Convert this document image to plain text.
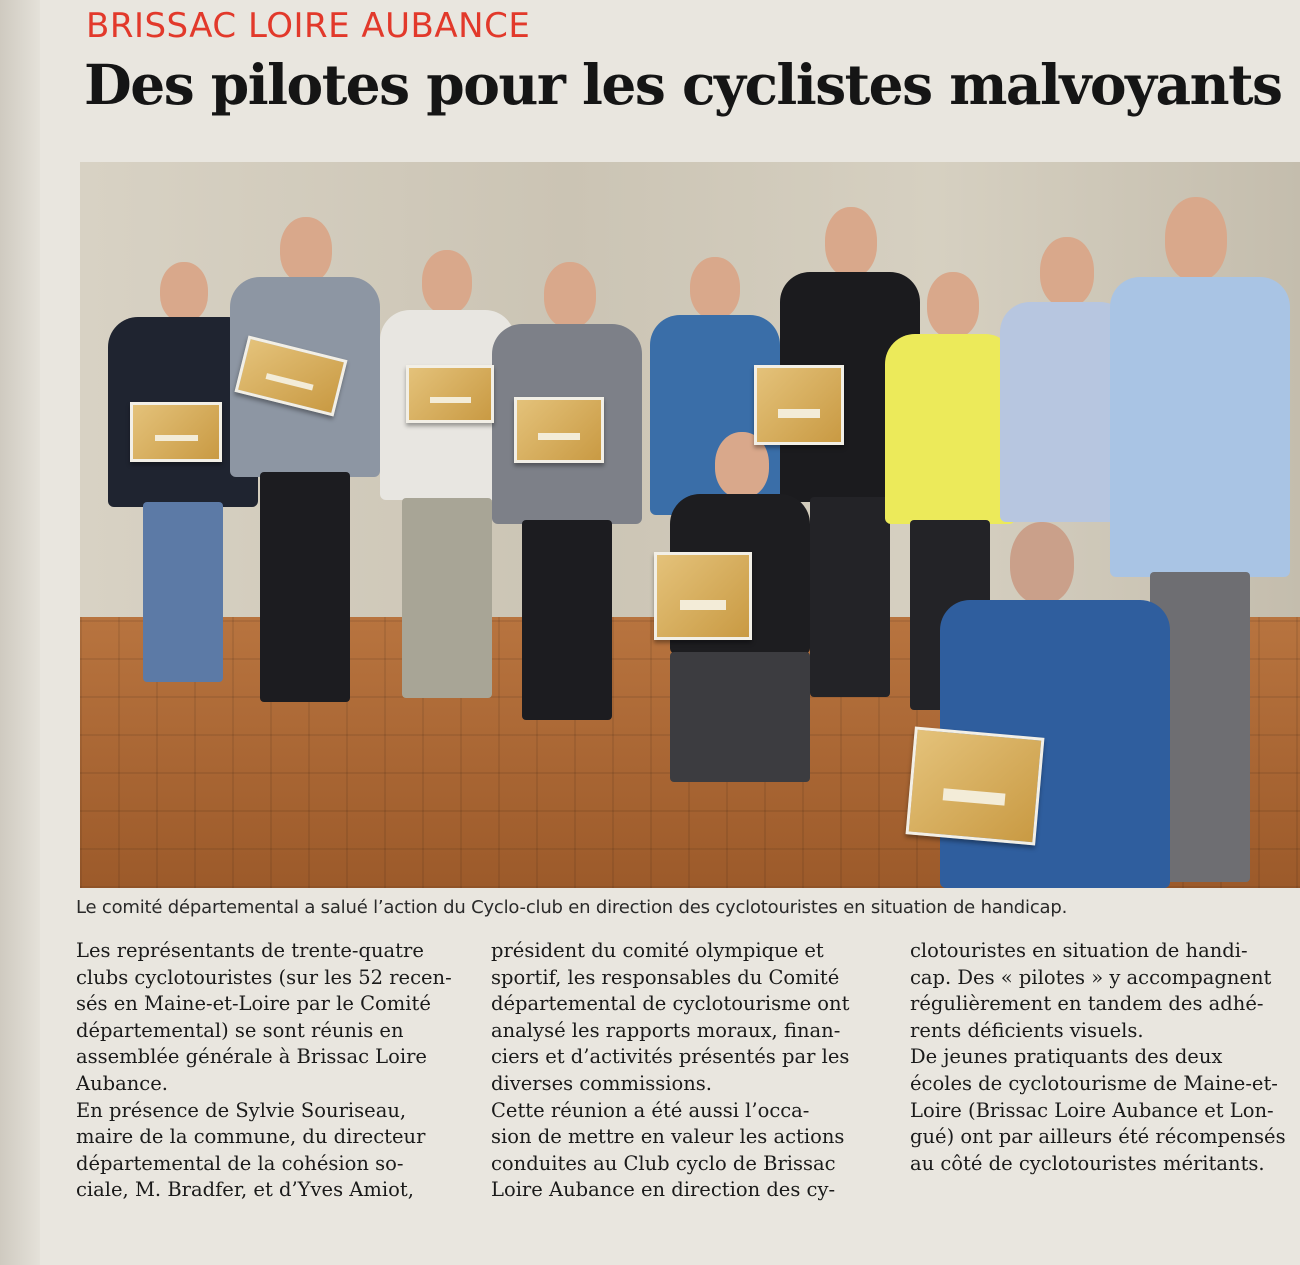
BRISSAC LOIRE AUBANCE
Des pilotes pour les cyclistes malvoyants
Le comité départemental a salué l’action du Cyclo-club en direction des cyclotouristes en situation de handicap.
Les représentants de trente-quatre
clubs cyclotouristes (sur les 52 recen-
sés en Maine-et-Loire par le Comité
départemental) se sont réunis en
assemblée générale à Brissac Loire
Aubance.
En présence de Sylvie Souriseau,
maire de la commune, du directeur
départemental de la cohésion so-
ciale, M. Bradfer, et d’Yves Amiot,
président du comité olympique et
sportif, les responsables du Comité
départemental de cyclotourisme ont
analysé les rapports moraux, finan-
ciers et d’activités présentés par les
diverses commissions.
Cette réunion a été aussi l’occa-
sion de mettre en valeur les actions
conduites au Club cyclo de Brissac
Loire Aubance en direction des cy-
clotouristes en situation de handi-
cap. Des « pilotes » y accompagnent
régulièrement en tandem des adhé-
rents déficients visuels.
De jeunes pratiquants des deux
écoles de cyclotourisme de Maine-et-
Loire (Brissac Loire Aubance et Lon-
gué) ont par ailleurs été récompensés
au côté de cyclotouristes méritants.
